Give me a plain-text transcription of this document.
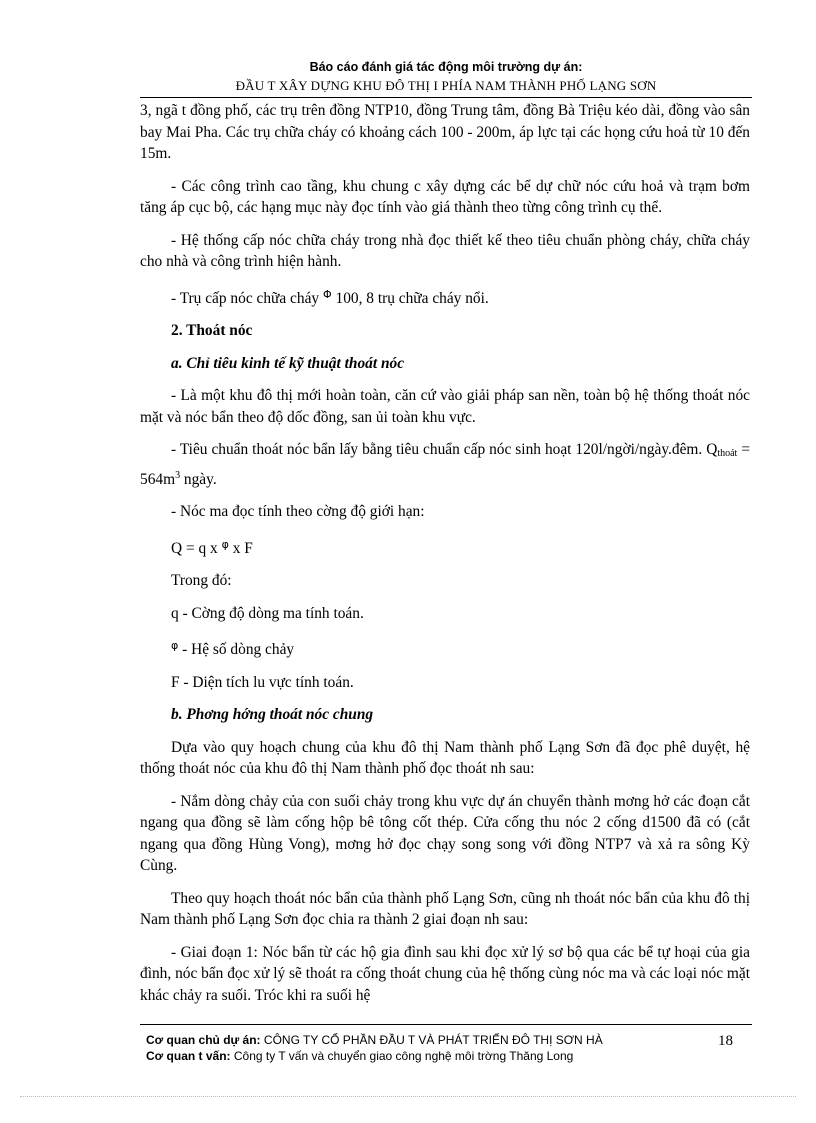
Báo cáo đánh giá tác động môi trường dự án:
ĐẦU T XÂY DỰNG KHU ĐÔ THỊ I PHÍA NAM THÀNH PHỐ LẠNG SƠN

3, ngã t đồng phố, các trụ trên đồng NTP10, đồng Trung tâm, đồng Bà Triệu kéo dài, đồng vào sân bay Mai Pha. Các trụ chữa cháy có khoảng cách 100 - 200m, áp lực tại các họng cứu hoả từ 10 đến 15m.

- Các công trình cao tầng, khu chung c xây dựng các bể dự chữ nóc cứu hoả và trạm bơm tăng áp cục bộ, các hạng mục này đọc tính vào giá thành theo từng công trình cụ thể.

- Hệ thống cấp nóc chữa cháy trong nhà đọc thiết kế theo tiêu chuẩn phòng cháy, chữa cháy cho nhà và công trình hiện hành.

- Trụ cấp nóc chữa cháy $^\Phi$ 100, 8 trụ chữa cháy nổi.

2. Thoát nóc

a. Chỉ tiêu kinh tế kỹ thuật thoát nóc

- Là một khu đô thị mới hoàn toàn, căn cứ vào giải pháp san nền, toàn bộ hệ thống thoát nóc mặt và nóc bẩn theo độ dốc đồng, san ủi toàn khu vực.

- Tiêu chuẩn thoát nóc bẩn lấy bằng tiêu chuẩn cấp nóc sinh hoạt 120l/ngời/ngày.đêm. $Q_{thoát} = 564m^3$ ngày.

- Nóc ma đọc tính theo cờng độ giới hạn:

Q = q x $^\varphi$ x F

Trong đó:

q - Cờng độ dòng ma tính toán.

$^\varphi$ - Hệ số dòng chảy

F - Diện tích lu vực tính toán.

b. Phơng hớng thoát nóc chung

Dựa vào quy hoạch chung của khu đô thị Nam thành phố Lạng Sơn đã đọc phê duyệt, hệ thống thoát nóc của khu đô thị Nam thành phố đọc thoát nh sau:

- Nắm dòng chảy của con suối chảy trong khu vực dự án chuyển thành mơng hở các đoạn cắt ngang qua đồng sẽ làm cống hộp bê tông cốt thép. Cửa cống thu nóc 2 cống d1500 đã có (cắt ngang qua đồng Hùng Vong), mơng hở đọc chạy song song với đồng NTP7 và xả ra sông Kỳ Cùng.

Theo quy hoạch thoát nóc bẩn của thành phố Lạng Sơn, cũng nh thoát nóc bẩn của khu đô thị Nam thành phố Lạng Sơn đọc chia ra thành 2 giai đoạn nh sau:

- Giai đoạn 1: Nóc bẩn từ các hộ gia đình sau khi đọc xử lý sơ bộ qua các bể tự hoại của gia đình, nóc bẩn đọc xử lý sẽ thoát ra cống thoát chung của hệ thống cùng nóc ma và các loại nóc mặt khác chảy ra suối. Tróc khi ra suối hệ

Cơ quan chủ dự án: CÔNG TY CỔ PHẦN ĐẦU T VÀ PHÁT TRIỂN ĐÔ THỊ SƠN HÀ
Cơ quan t vấn: Công ty T vấn và chuyển giao công nghệ môi trờng Thăng Long
18
